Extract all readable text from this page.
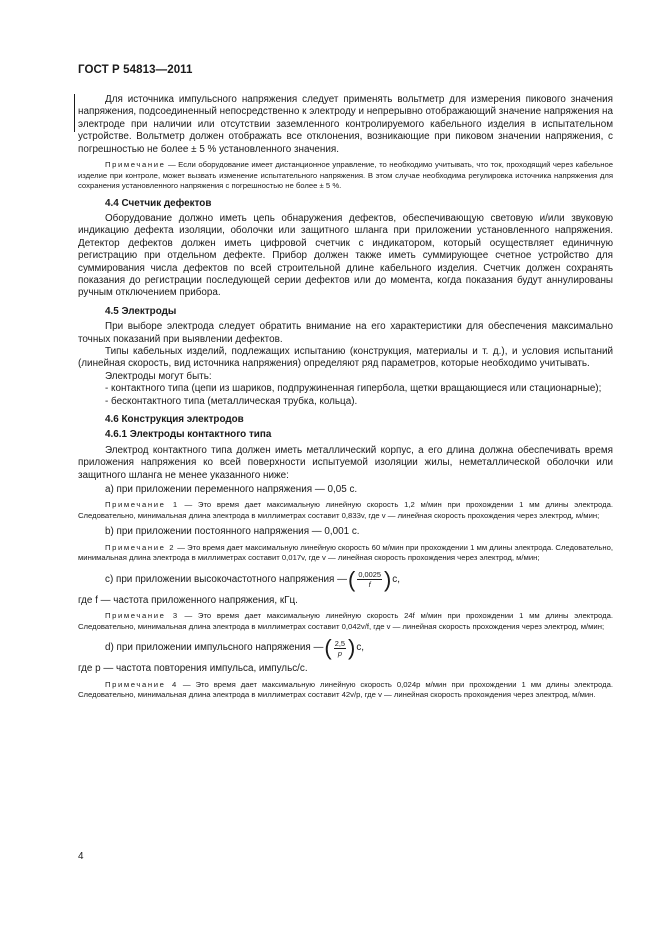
ГОСТ Р 54813—2011

Для источника импульсного напряжения следует применять вольтметр для измерения пикового значения напряжения, подсоединенный непосредственно к электроду и непрерывно отображающий значение напряжения на электроде при наличии или отсутствии заземленного контролируемого кабельного изделия в испытательном устройстве. Вольтметр должен отображать все отклонения, возникающие при пиковом значении напряжения, с погрешностью не более ± 5 % установленного значения.

Примечание — Если оборудование имеет дистанционное управление, то необходимо учитывать, что ток, проходящий через кабельное изделие при контроле, может вызвать изменение испытательного напряжения. В этом случае необходима регулировка источника напряжения для сохранения установленного напряжения с погрешностью не более ± 5 %.

4.4 Счетчик дефектов

Оборудование должно иметь цепь обнаружения дефектов, обеспечивающую световую и/или звуковую индикацию дефекта изоляции, оболочки или защитного шланга при приложении установленного напряжения. Детектор дефектов должен иметь цифровой счетчик с индикатором, который осуществляет единичную регистрацию при отдельном дефекте. Прибор должен также иметь суммирующее счетное устройство для суммирования числа дефектов по всей строительной длине кабельного изделия. Счетчик должен сохранять показания до регистрации последующей серии дефектов или до момента, когда показания будут аннулированы ручным отключением прибора.

4.5 Электроды

При выборе электрода следует обратить внимание на его характеристики для обеспечения максимально точных показаний при выявлении дефектов.

Типы кабельных изделий, подлежащих испытанию (конструкция, материалы и т. д.), и условия испытаний (линейная скорость, вид источника напряжения) определяют ряд параметров, которые необходимо учитывать.

Электроды могут быть:

- контактного типа (цепи из шариков, подпружиненная гипербола, щетки вращающиеся или стационарные);

- бесконтактного типа (металлическая трубка, кольца).

4.6 Конструкция электродов
4.6.1 Электроды контактного типа

Электрод контактного типа должен иметь металлический корпус, а его длина должна обеспечивать время приложения напряжения ко всей поверхности испытуемой изоляции жилы, неметаллической оболочки или защитного шланга не менее указанного ниже:

а) при приложении переменного напряжения — 0,05 с.

Примечание 1 — Это время дает максимальную линейную скорость 1,2 м/мин при прохождении 1 мм длины электрода. Следовательно, минимальная длина электрода в миллиметрах составит 0,833v, где v — линейная скорость прохождения через электрод, м/мин;

b) при приложении постоянного напряжения — 0,001 с.

Примечание 2 — Это время дает максимальную линейную скорость 60 м/мин при прохождении 1 мм длины электрода. Следовательно, минимальная длина электрода в миллиметрах составит 0,017v, где v — линейная скорость прохождения через электрод, м/мин;

c) при приложении высокочастотного напряжения — ( $\frac{0,0025}{f}$ ) с,

где f — частота приложенного напряжения, кГц.

Примечание 3 — Это время дает максимальную линейную скорость 24f м/мин при прохождении 1 мм длины электрода. Следовательно, минимальная длина электрода в миллиметрах составит 0,042v/f, где v — линейная скорость прохождения через электрод, м/мин;

d) при приложении импульсного напряжения — ( $\frac{2,5}{p}$ ) с,

где p — частота повторения импульса, импульс/с.

Примечание 4 — Это время дает максимальную линейную скорость 0,024p м/мин при прохождении 1 мм длины электрода. Следовательно, минимальная длина электрода в миллиметрах составит 42v/p, где v — линейная скорость прохождения через электрод, м/мин.

4
